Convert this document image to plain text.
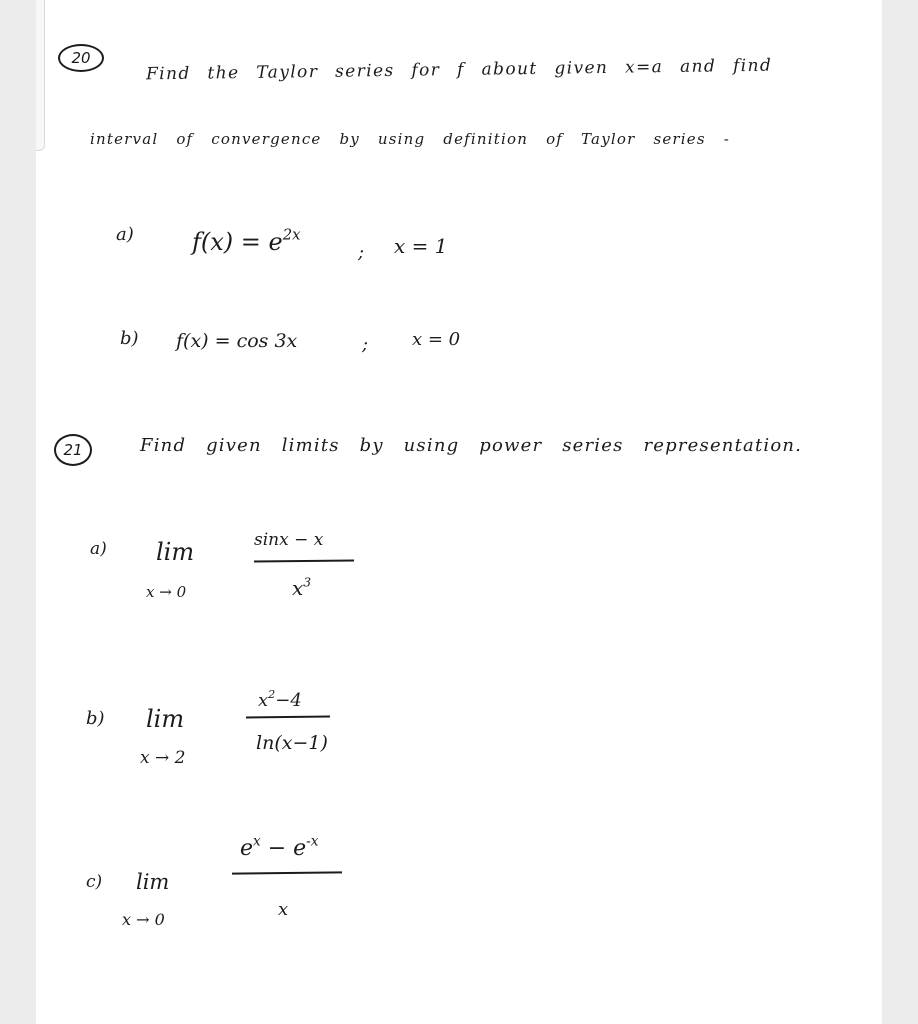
20	Find the Taylor series for f about given x=a and find
interval of convergence by using definition of Taylor series -
a) $f(x) = e^{2x}$
; x = 1
b) f(x) = cos 3x	; x = 0
21	Find given limits by using power series representation.
a) lim
x → 0
sinx − x
$x^3$
b) lim
x → 2
$x^2-4$
ln(x−1)
c) lim
x → 0
$e^x - e^{-x}$
x
